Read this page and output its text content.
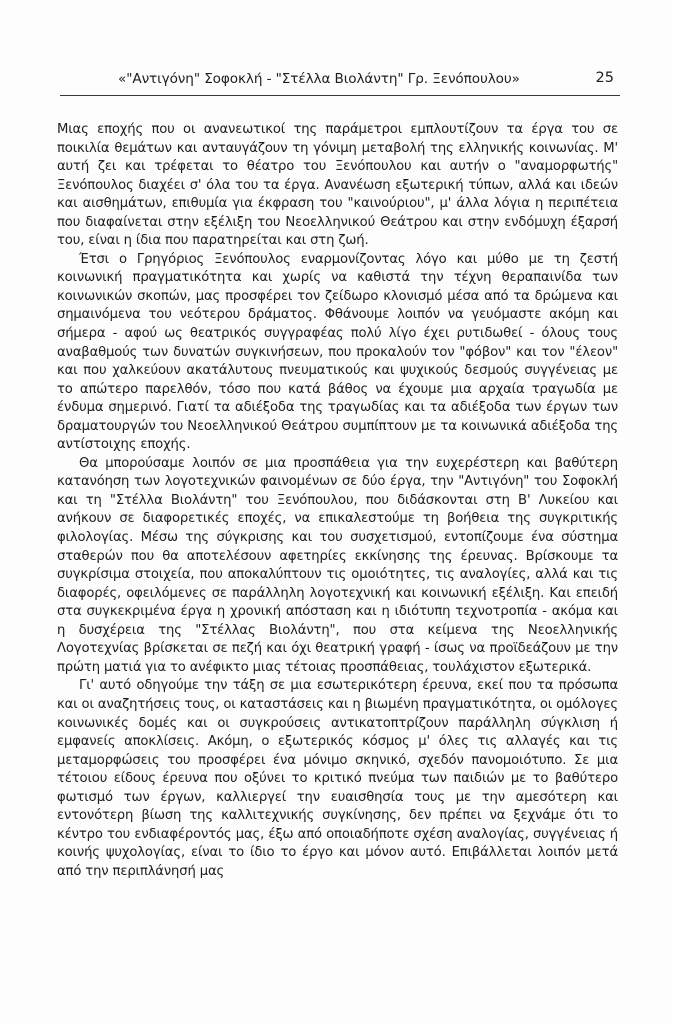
«"Αντιγόνη" Σοφοκλή - "Στέλλα Βιολάντη" Γρ. Ξενόπουλου»	25

Μιας εποχής που οι ανανεωτικοί της παράμετροι εμπλουτίζουν τα έργα του σε ποικιλία θεμάτων και ανταυγάζουν τη γόνιμη μεταβολή της ελληνικής κοινωνίας. Μ' αυτή ζει και τρέφεται το θέατρο του Ξενόπουλου και αυτήν ο "αναμορφωτής" Ξενόπουλος διαχέει σ' όλα του τα έργα. Ανανέωση εξωτερική τύπων, αλλά και ιδεών και αισθημάτων, επιθυμία για έκφραση του "καινούριου", μ' άλλα λόγια η περιπέτεια που διαφαίνεται στην εξέλιξη του Νεοελληνικού Θεάτρου και στην ενδόμυχη έξαρσή του, είναι η ίδια που παρατηρείται και στη ζωή.

Έτσι ο Γρηγόριος Ξενόπουλος εναρμονίζοντας λόγο και μύθο με τη ζεστή κοινωνική πραγματικότητα και χωρίς να καθιστά την τέχνη θεραπαινίδα των κοινωνικών σκοπών, μας προσφέρει τον ζείδωρο κλονισμό μέσα από τα δρώμενα και σημαινόμενα του νεότερου δράματος. Φθάνουμε λοιπόν να γευόμαστε ακόμη και σήμερα - αφού ως θεατρικός συγγραφέας πολύ λίγο έχει ρυτιδωθεί - όλους τους αναβαθμούς των δυνατών συγκινήσεων, που προκαλούν τον "φόβον" και τον "έλεον" και που χαλκεύουν ακατάλυτους πνευματικούς και ψυχικούς δεσμούς συγγένειας με το απώτερο παρελθόν, τόσο που κατά βάθος να έχουμε μια αρχαία τραγωδία με ένδυμα σημερινό. Γιατί τα αδιέξοδα της τραγωδίας και τα αδιέξοδα των έργων των δραματουργών του Νεοελληνικού Θεάτρου συμπίπτουν με τα κοινωνικά αδιέξοδα της αντίστοιχης εποχής.

Θα μπορούσαμε λοιπόν σε μια προσπάθεια για την ευχερέστερη και βαθύτερη κατανόηση των λογοτεχνικών φαινομένων σε δύο έργα, την "Αντιγόνη" του Σοφοκλή και τη "Στέλλα Βιολάντη" του Ξενόπουλου, που διδάσκονται στη Β' Λυκείου και ανήκουν σε διαφορετικές εποχές, να επικαλεστούμε τη βοήθεια της συγκριτικής φιλολογίας. Μέσω της σύγκρισης και του συσχετισμού, εντοπίζουμε ένα σύστημα σταθερών που θα αποτελέσουν αφετηρίες εκκίνησης της έρευνας. Βρίσκουμε τα συγκρίσιμα στοιχεία, που αποκαλύπτουν τις ομοιότητες, τις αναλογίες, αλλά και τις διαφορές, οφειλόμενες σε παράλληλη λογοτεχνική και κοινωνική εξέλιξη. Και επειδή στα συγκεκριμένα έργα η χρονική απόσταση και η ιδιότυπη τεχνοτροπία - ακόμα και η δυσχέρεια της "Στέλλας Βιολάντη", που στα κείμενα της Νεοελληνικής Λογοτεχνίας βρίσκεται σε πεζή και όχι θεατρική γραφή - ίσως να προϊδεάζουν με την πρώτη ματιά για το ανέφικτο μιας τέτοιας προσπάθειας, τουλάχιστον εξωτερικά.

Γι' αυτό οδηγούμε την τάξη σε μια εσωτερικότερη έρευνα, εκεί που τα πρόσωπα και οι αναζητήσεις τους, οι καταστάσεις και η βιωμένη πραγματικότητα, οι ομόλογες κοινωνικές δομές και οι συγκρούσεις αντικατοπτρίζουν παράλληλη σύγκλιση ή εμφανείς αποκλίσεις. Ακόμη, ο εξωτερικός κόσμος μ' όλες τις αλλαγές και τις μεταμορφώσεις του προσφέρει ένα μόνιμο σκηνικό, σχεδόν πανομοιότυπο. Σε μια τέτοιου είδους έρευνα που οξύνει το κριτικό πνεύμα των παιδιών με το βαθύτερο φωτισμό των έργων, καλλιεργεί την ευαισθησία τους με την αμεσότερη και εντονότερη βίωση της καλλιτεχνικής συγκίνησης, δεν πρέπει να ξεχνάμε ότι το κέντρο του ενδιαφέροντός μας, έξω από οποιαδήποτε σχέση αναλογίας, συγγένειας ή κοινής ψυχολογίας, είναι το ίδιο το έργο και μόνον αυτό. Επιβάλλεται λοιπόν μετά από την περιπλάνησή μας
